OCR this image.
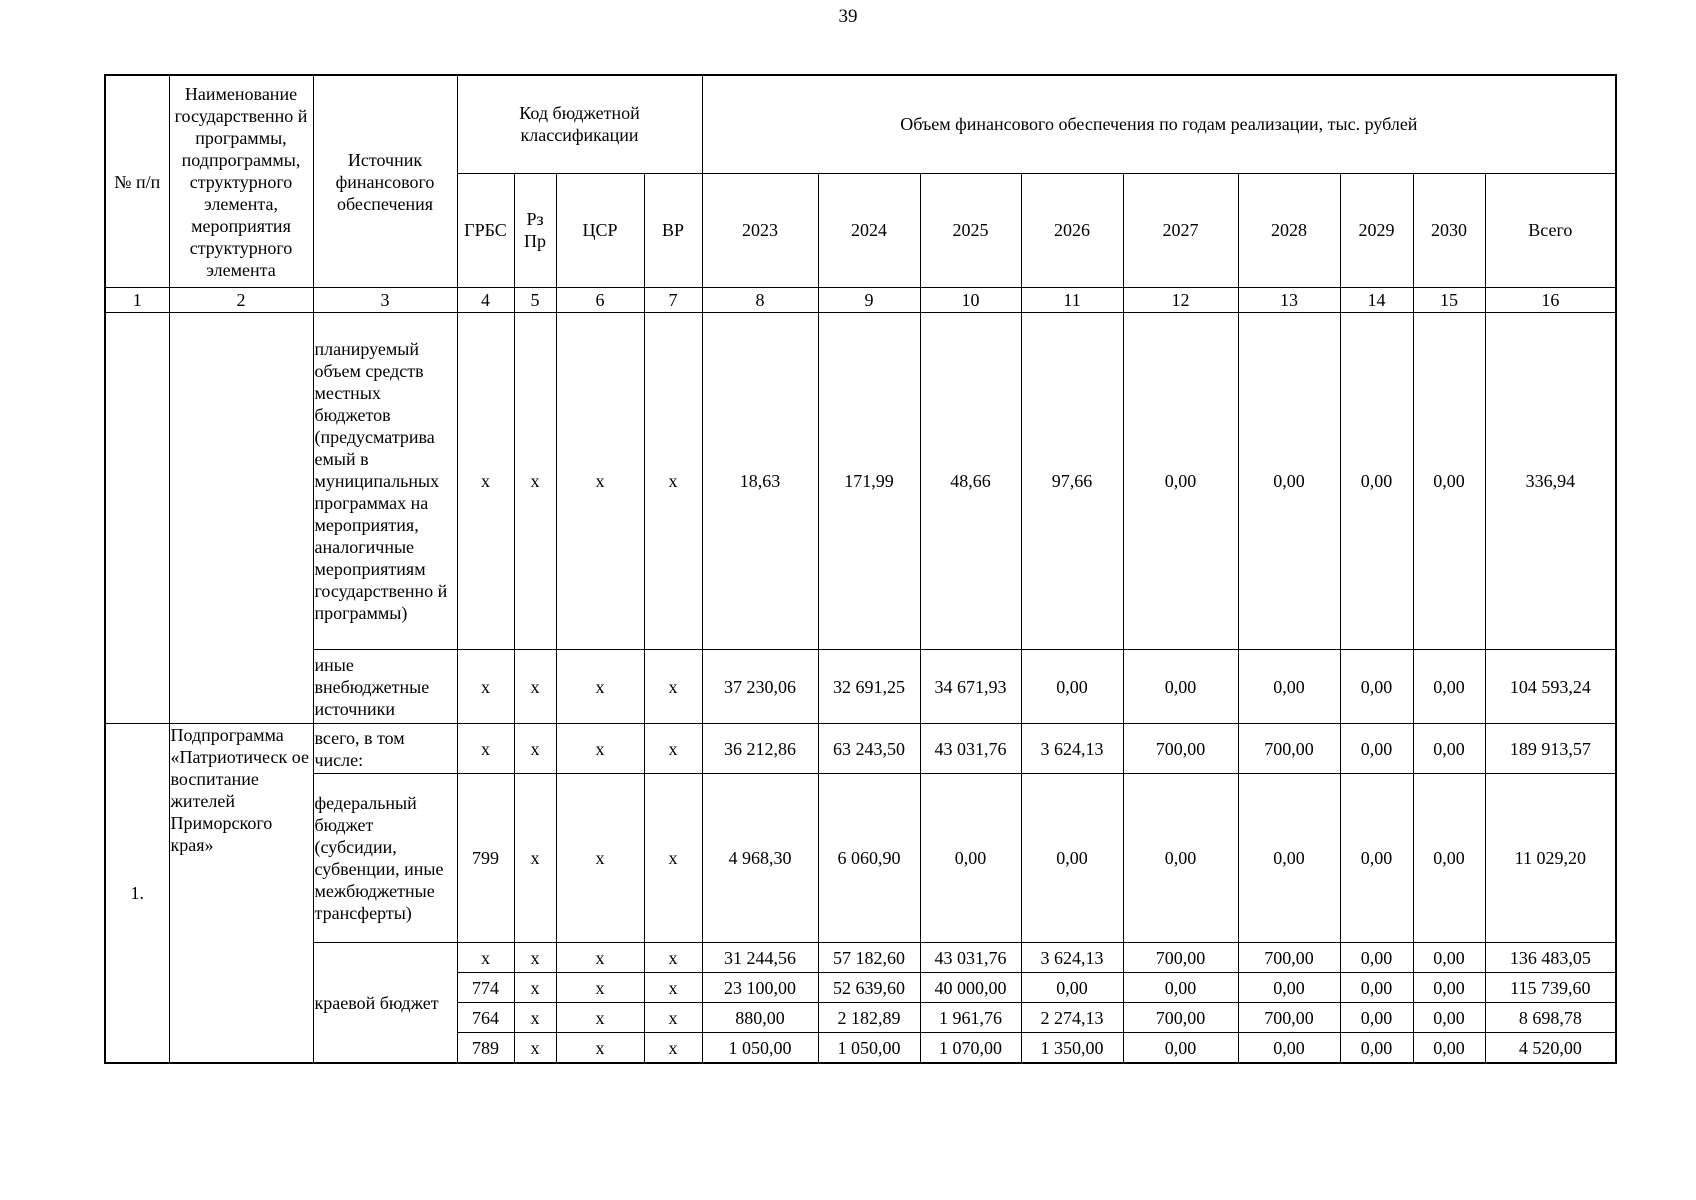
39
№ п/п	Наименование государственно й программы, подпрограммы, структурного элемента, мероприятия структурного элемента	Источник финансового обеспечения	Код бюджетной классификации				Объем финансового обеспечения по годам реализации, тыс. рублей								
			ГРБС	Рз Пр	ЦСР	ВР	2023	2024	2025	2026	2027	2028	2029	2030	Всего
1	2	3	4	5	6	7	8	9	10	11	12	13	14	15	16
		планируемый объем средств местных бюджетов (предусматрива емый в муниципальных программах на мероприятия, аналогичные мероприятиям государственно й программы)	х	х	х	х	18,63	171,99	48,66	97,66	0,00	0,00	0,00	0,00	336,94
		иные внебюджетные источники	х	х	х	х	37 230,06	32 691,25	34 671,93	0,00	0,00	0,00	0,00	0,00	104 593,24
1.	Подпрограмма «Патриотическ ое воспитание жителей Приморского края»	всего, в том числе:	х	х	х	х	36 212,86	63 243,50	43 031,76	3 624,13	700,00	700,00	0,00	0,00	189 913,57
		федеральный бюджет (субсидии, субвенции, иные межбюджетные трансферты)	799	х	х	х	4 968,30	6 060,90	0,00	0,00	0,00	0,00	0,00	0,00	11 029,20
		краевой бюджет	х	х	х	х	31 244,56	57 182,60	43 031,76	3 624,13	700,00	700,00	0,00	0,00	136 483,05
			774	х	х	х	23 100,00	52 639,60	40 000,00	0,00	0,00	0,00	0,00	0,00	115 739,60
			764	х	х	х	880,00	2 182,89	1 961,76	2 274,13	700,00	700,00	0,00	0,00	8 698,78
			789	х	х	х	1 050,00	1 050,00	1 070,00	1 350,00	0,00	0,00	0,00	0,00	4 520,00
